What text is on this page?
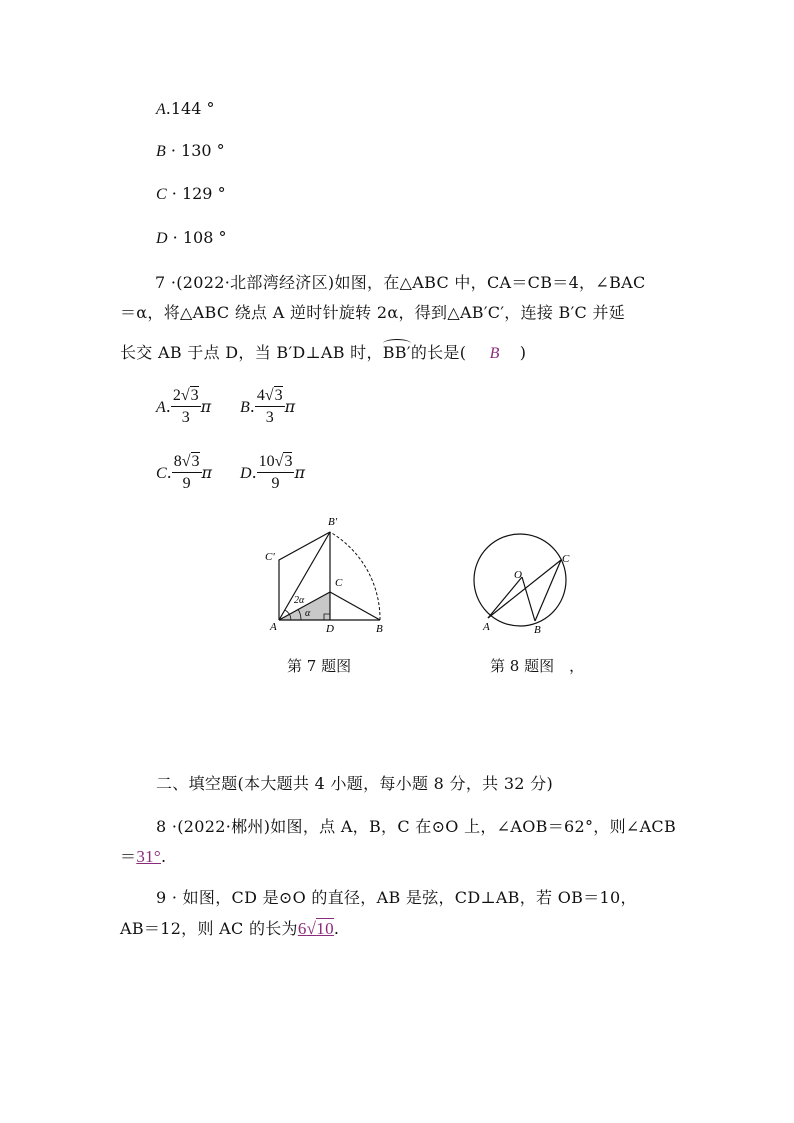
A.144 °
B · 130 °
C · 129 °
D · 108 °
7 ·(2022·北部湾经济区)如图，在△ABC 中，CA＝CB＝4，∠BAC
＝α，将△ABC 绕点 A 逆时针旋转 2α，得到△AB′C′，连接 B′C 并延
长交 AB 于点 D，当 B′D⊥AB 时，BB′的长是( B )
A. $\frac{2√3}{3}$ π B. $\frac{4√3}{3}$ π
C. $\frac{8√3}{9}$ π D. $\frac{10√3}{9}$ π
B′
C′
C
A	D	B
2α
α
第 7 题图
O
C
A	B
第 8 题图　，
二、填空题(本大题共 4 小题，每小题 8 分，共 32 分)
8 ·(2022·郴州)如图，点 A，B，C 在⊙O 上，∠AOB＝62°，则∠ACB
＝31°.
9 · 如图，CD 是⊙O 的直径，AB 是弦，CD⊥AB，若 OB＝10，
AB＝12，则 AC 的长为6√10.
